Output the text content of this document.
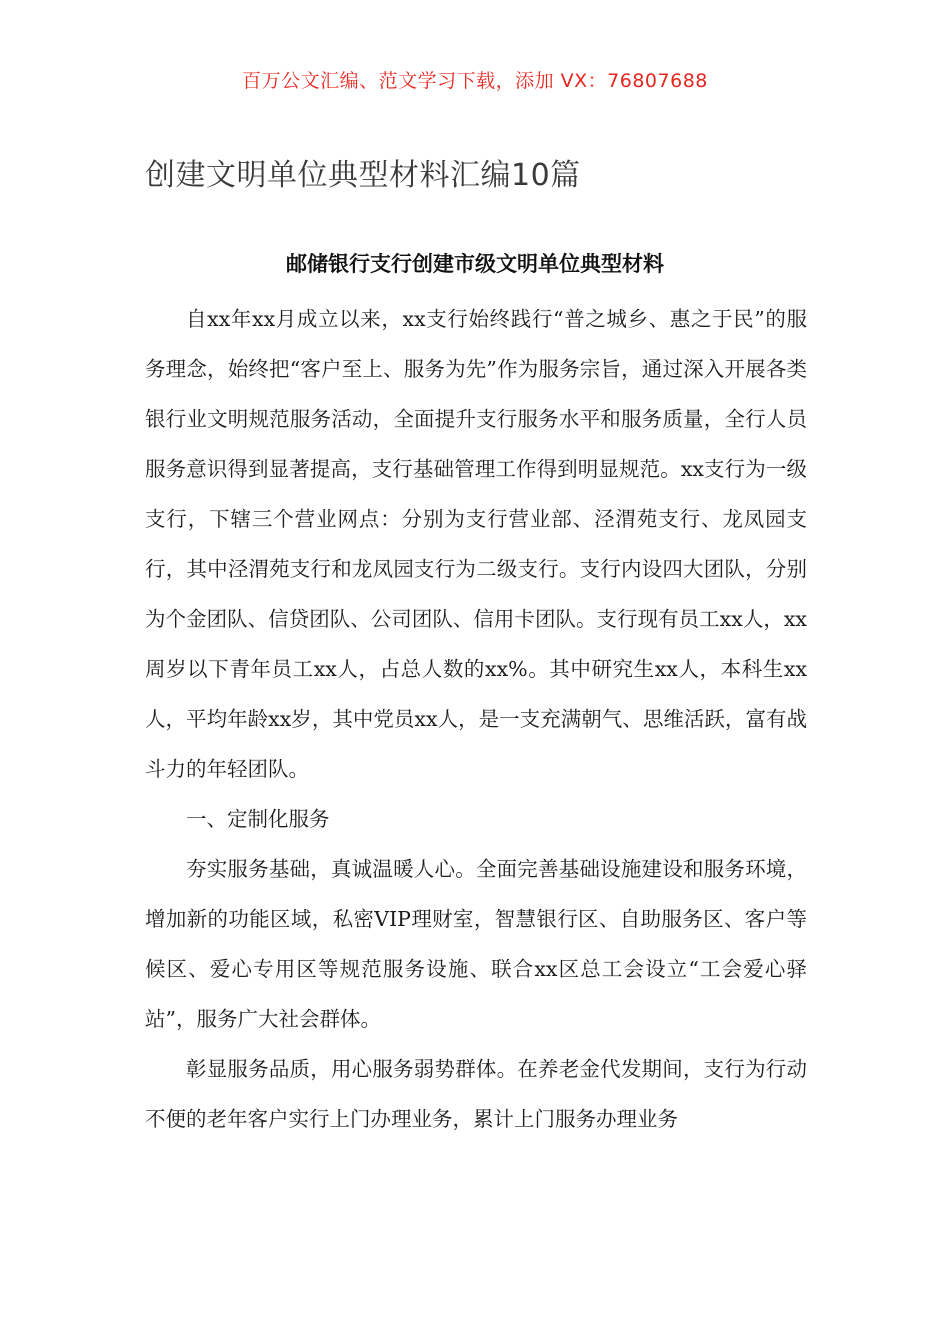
百万公文汇编、范文学习下载，添加 VX：76807688
创建文明单位典型材料汇编10篇
邮储银行支行创建市级文明单位典型材料

自xx年xx月成立以来，xx支行始终践行“普之城乡、惠之于民”的服务理念，始终把“客户至上、服务为先”作为服务宗旨，通过深入开展各类银行业文明规范服务活动，全面提升支行服务水平和服务质量，全行人员服务意识得到显著提高，支行基础管理工作得到明显规范。xx支行为一级支行，下辖三个营业网点：分别为支行营业部、泾渭苑支行、龙凤园支行，其中泾渭苑支行和龙凤园支行为二级支行。支行内设四大团队，分别为个金团队、信贷团队、公司团队、信用卡团队。支行现有员工xx人，xx周岁以下青年员工xx人，占总人数的xx%。其中研究生xx人，本科生xx人，平均年龄xx岁，其中党员xx人，是一支充满朝气、思维活跃，富有战斗力的年轻团队。

一、定制化服务

夯实服务基础，真诚温暖人心。全面完善基础设施建设和服务环境，增加新的功能区域，私密VIP理财室，智慧银行区、自助服务区、客户等候区、爱心专用区等规范服务设施、联合xx区总工会设立“工会爱心驿站”，服务广大社会群体。

彰显服务品质，用心服务弱势群体。在养老金代发期间，支行为行动不便的老年客户实行上门办理业务，累计上门服务办理业务
